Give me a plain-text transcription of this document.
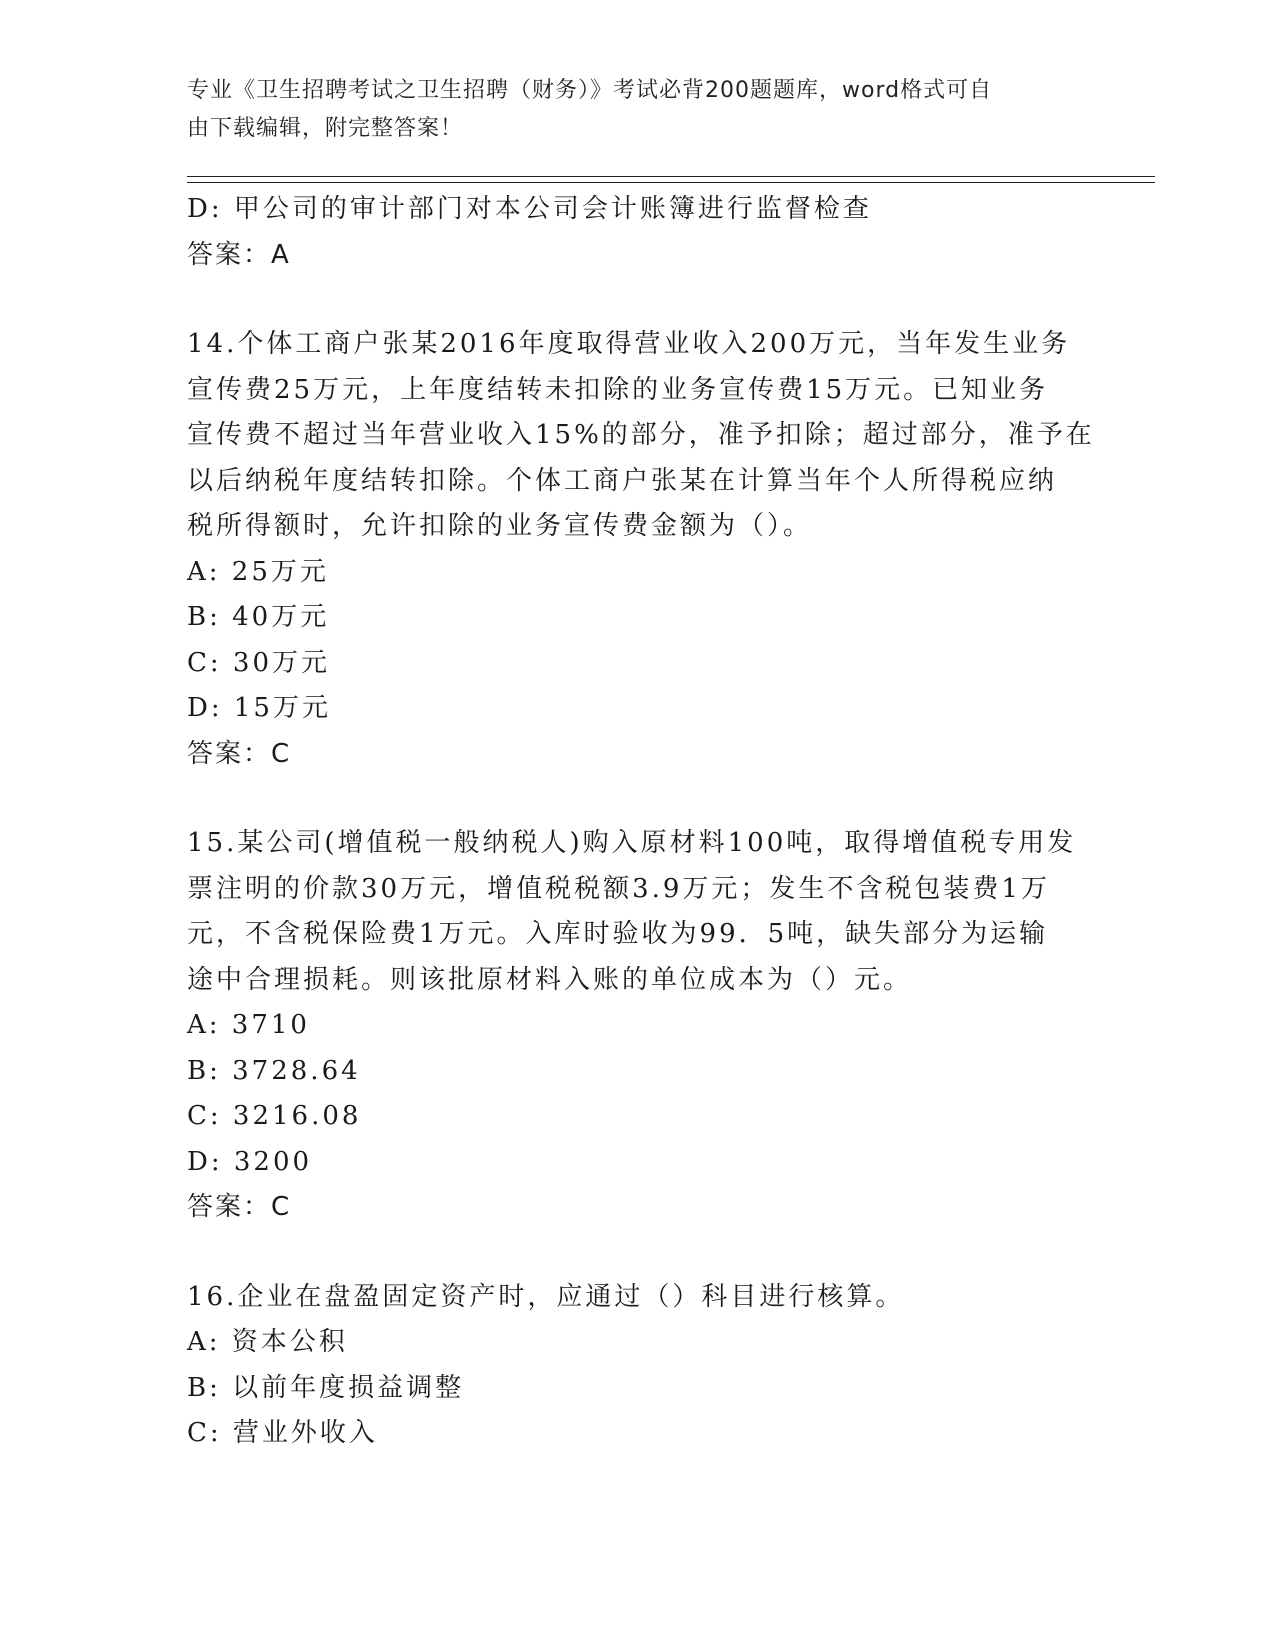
专业《卫生招聘考试之卫生招聘（财务）》考试必背200题题库，word格式可自
由下载编辑，附完整答案！
D: 甲公司的审计部门对本公司会计账簿进行监督检查
答案：A
14.个体工商户张某2016年度取得营业收入200万元，当年发生业务
宣传费25万元，上年度结转未扣除的业务宣传费15万元。已知业务
宣传费不超过当年营业收入15%的部分，准予扣除；超过部分，准予在
以后纳税年度结转扣除。个体工商户张某在计算当年个人所得税应纳
税所得额时，允许扣除的业务宣传费金额为（）。
A: 25万元
B: 40万元
C: 30万元
D: 15万元
答案：C
15.某公司(增值税一般纳税人)购入原材料100吨，取得增值税专用发
票注明的价款30万元，增值税税额3.9万元；发生不含税包装费1万
元，不含税保险费1万元。入库时验收为99．5吨，缺失部分为运输
途中合理损耗。则该批原材料入账的单位成本为（）元。
A: 3710
B: 3728.64
C: 3216.08
D: 3200
答案：C
16.企业在盘盈固定资产时，应通过（）科目进行核算。
A: 资本公积
B: 以前年度损益调整
C: 营业外收入
